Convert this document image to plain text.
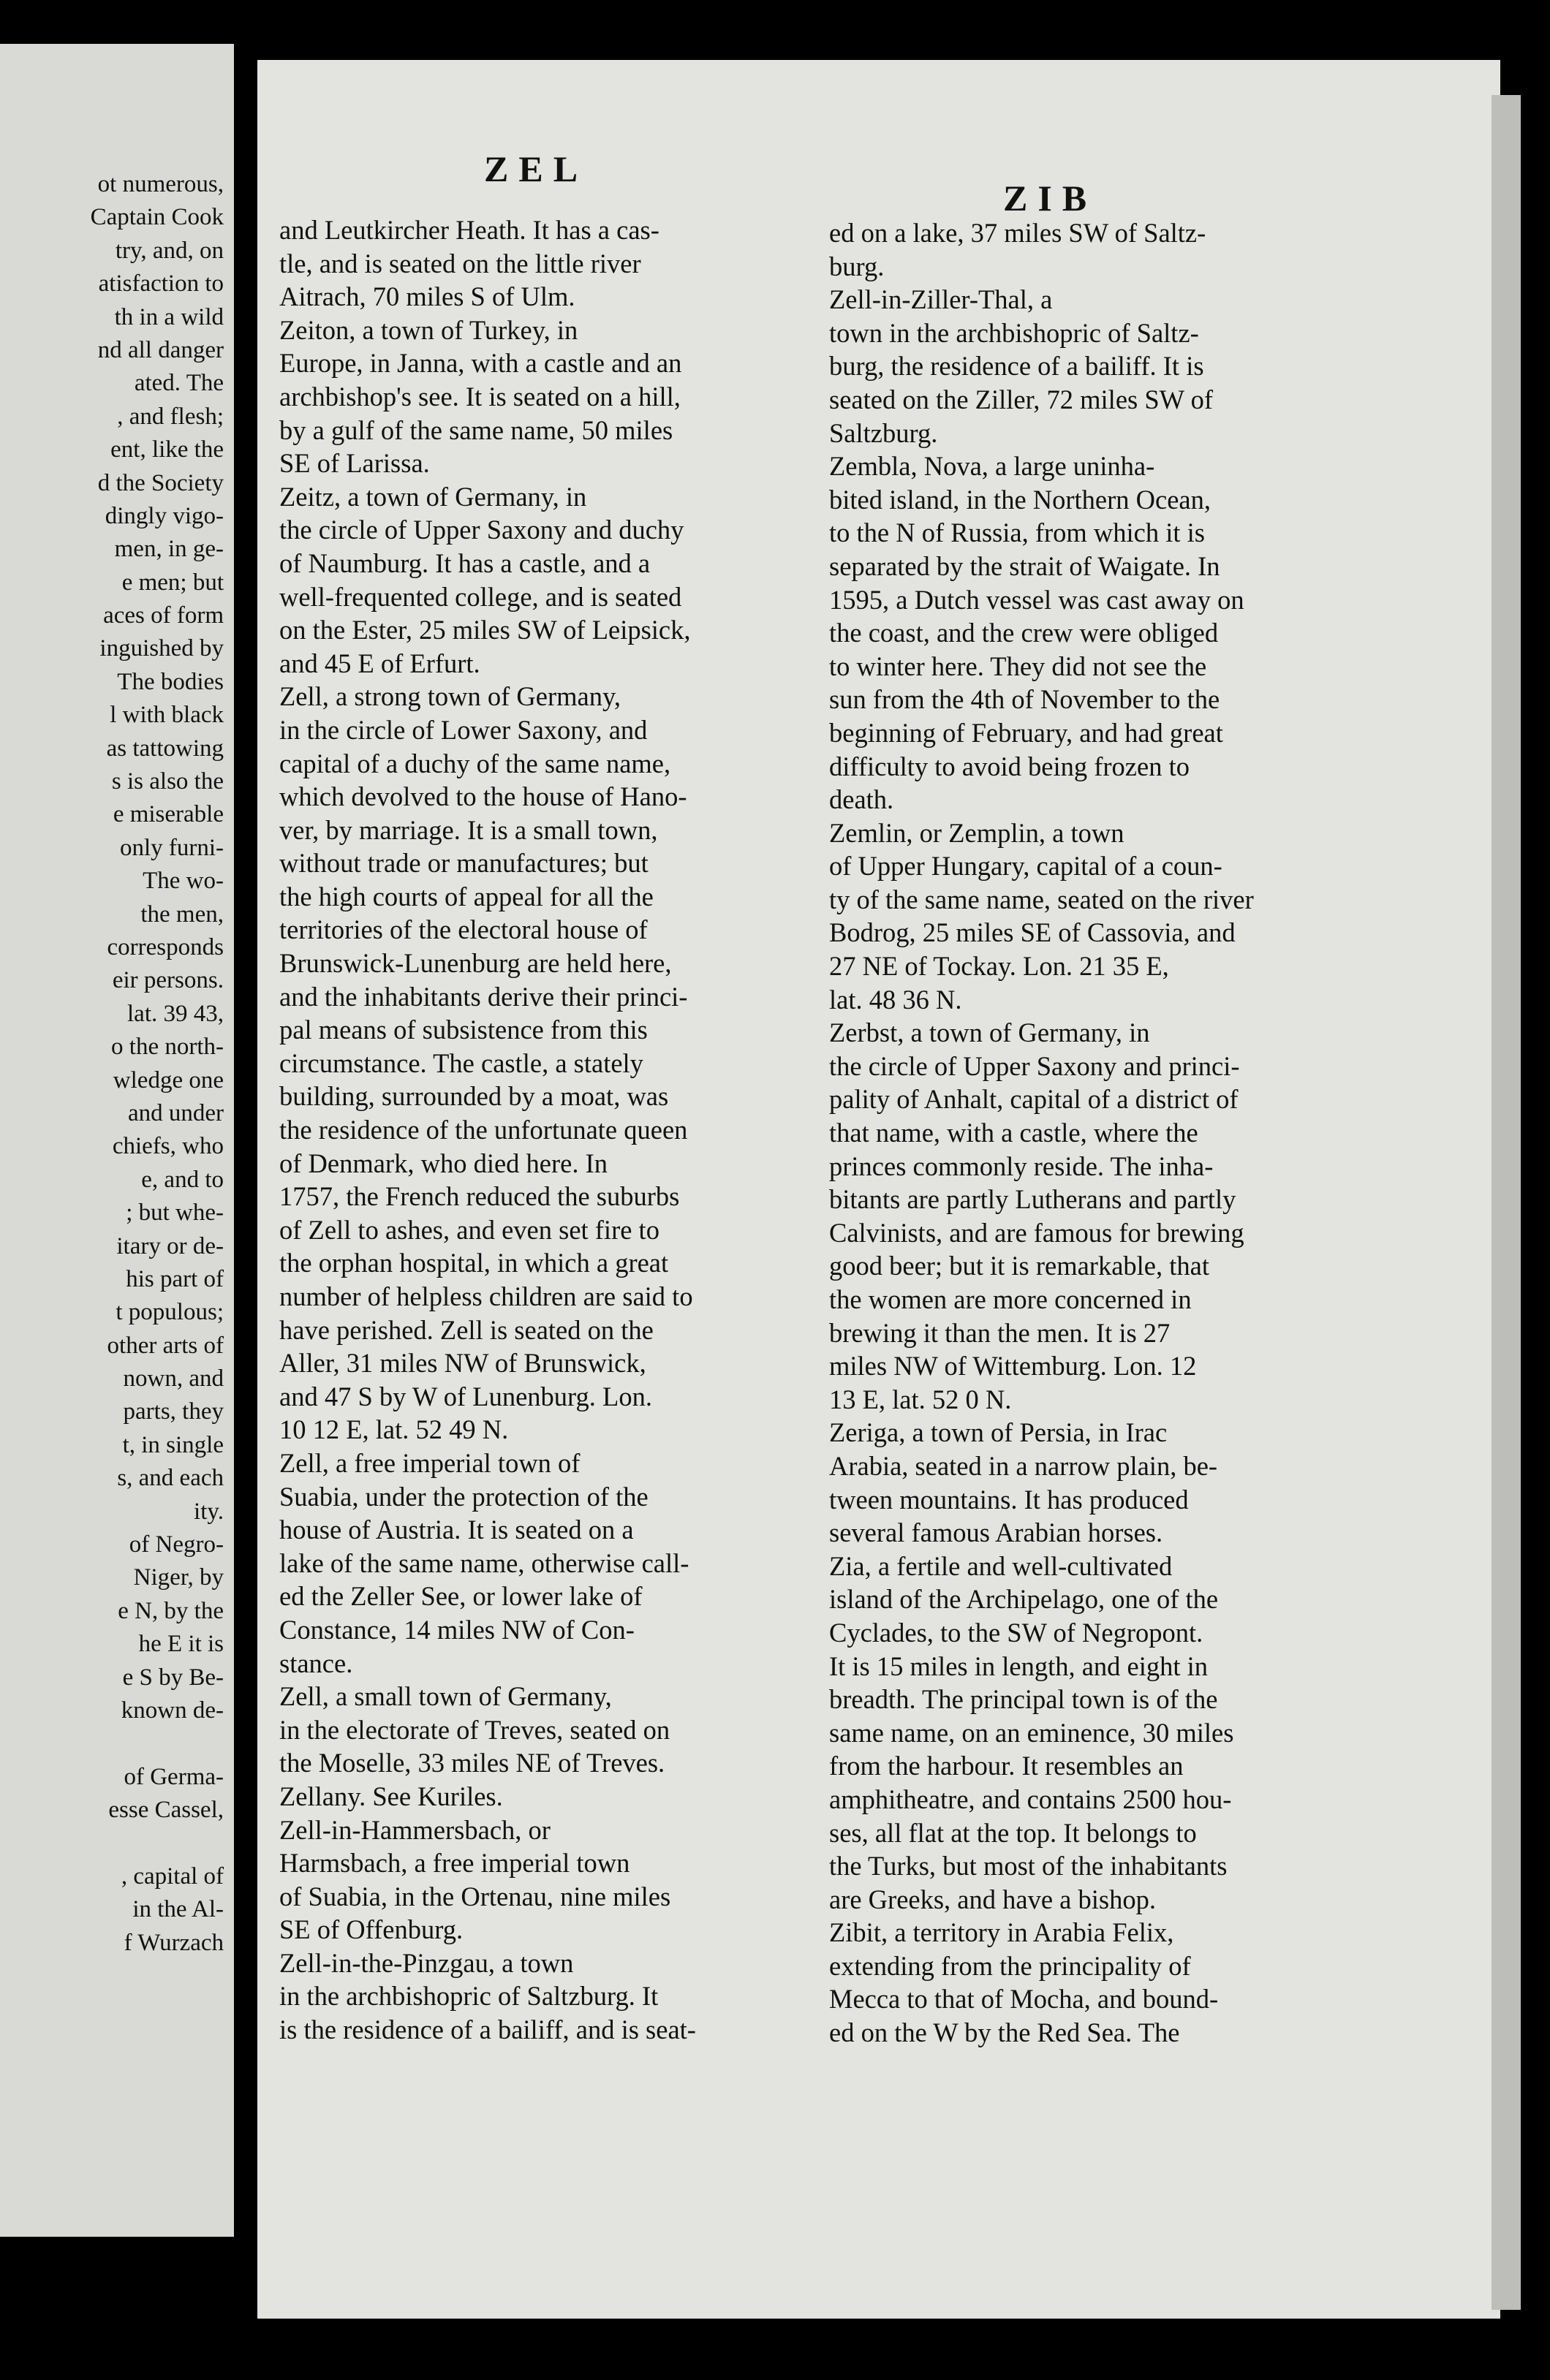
ot numerous,
Captain Cook
try, and, on
atisfaction to
th in a wild
nd all danger
ated. The
, and flesh;
ent, like the
d the Society
dingly vigo-
men, in ge-
e men; but
aces of form
inguished by
The bodies
l with black
as tattowing
s is also the
e miserable
only furni-
The wo-
the men,
corresponds
eir persons.
lat. 39 43,
o the north-
wledge one
and under
chiefs, who
e, and to
; but whe-
itary or de-
his part of
t populous;
other arts of
nown, and
parts, they
t, in single
s, and each
ity.
of Negro-
Niger, by
e N, by the
he E it is
e S by Be-
known de-
of Germa-
esse Cassel,
, capital of
in the Al-
f Wurzach
ZEL
ZIB
and Leutkircher Heath. It has a cas-
tle, and is seated on the little river
Aitrach, 70 miles S of Ulm.
Zeiton, a town of Turkey, in
Europe, in Janna, with a castle and an
archbishop's see. It is seated on a hill,
by a gulf of the same name, 50 miles
SE of Larissa.
Zeitz, a town of Germany, in
the circle of Upper Saxony and duchy
of Naumburg. It has a castle, and a
well-frequented college, and is seated
on the Ester, 25 miles SW of Leipsick,
and 45 E of Erfurt.
Zell, a strong town of Germany,
in the circle of Lower Saxony, and
capital of a duchy of the same name,
which devolved to the house of Hano-
ver, by marriage. It is a small town,
without trade or manufactures; but
the high courts of appeal for all the
territories of the electoral house of
Brunswick-Lunenburg are held here,
and the inhabitants derive their princi-
pal means of subsistence from this
circumstance. The castle, a stately
building, surrounded by a moat, was
the residence of the unfortunate queen
of Denmark, who died here. In
1757, the French reduced the suburbs
of Zell to ashes, and even set fire to
the orphan hospital, in which a great
number of helpless children are said to
have perished. Zell is seated on the
Aller, 31 miles NW of Brunswick,
and 47 S by W of Lunenburg. Lon.
10 12 E, lat. 52 49 N.
Zell, a free imperial town of
Suabia, under the protection of the
house of Austria. It is seated on a
lake of the same name, otherwise call-
ed the Zeller See, or lower lake of
Constance, 14 miles NW of Con-
stance.
Zell, a small town of Germany,
in the electorate of Treves, seated on
the Moselle, 33 miles NE of Treves.
Zellany. See Kuriles.
Zell-in-Hammersbach, or
Harmsbach, a free imperial town
of Suabia, in the Ortenau, nine miles
SE of Offenburg.
Zell-in-the-Pinzgau, a town
in the archbishopric of Saltzburg. It
is the residence of a bailiff, and is seat-
ed on a lake, 37 miles SW of Saltz-
burg.
Zell-in-Ziller-Thal, a
town in the archbishopric of Saltz-
burg, the residence of a bailiff. It is
seated on the Ziller, 72 miles SW of
Saltzburg.
Zembla, Nova, a large uninha-
bited island, in the Northern Ocean,
to the N of Russia, from which it is
separated by the strait of Waigate. In
1595, a Dutch vessel was cast away on
the coast, and the crew were obliged
to winter here. They did not see the
sun from the 4th of November to the
beginning of February, and had great
difficulty to avoid being frozen to
death.
Zemlin, or Zemplin, a town
of Upper Hungary, capital of a coun-
ty of the same name, seated on the river
Bodrog, 25 miles SE of Cassovia, and
27 NE of Tockay. Lon. 21 35 E,
lat. 48 36 N.
Zerbst, a town of Germany, in
the circle of Upper Saxony and princi-
pality of Anhalt, capital of a district of
that name, with a castle, where the
princes commonly reside. The inha-
bitants are partly Lutherans and partly
Calvinists, and are famous for brewing
good beer; but it is remarkable, that
the women are more concerned in
brewing it than the men. It is 27
miles NW of Wittemburg. Lon. 12
13 E, lat. 52 0 N.
Zeriga, a town of Persia, in Irac
Arabia, seated in a narrow plain, be-
tween mountains. It has produced
several famous Arabian horses.
Zia, a fertile and well-cultivated
island of the Archipelago, one of the
Cyclades, to the SW of Negropont.
It is 15 miles in length, and eight in
breadth. The principal town is of the
same name, on an eminence, 30 miles
from the harbour. It resembles an
amphitheatre, and contains 2500 hou-
ses, all flat at the top. It belongs to
the Turks, but most of the inhabitants
are Greeks, and have a bishop.
Zibit, a territory in Arabia Felix,
extending from the principality of
Mecca to that of Mocha, and bound-
ed on the W by the Red Sea. The
